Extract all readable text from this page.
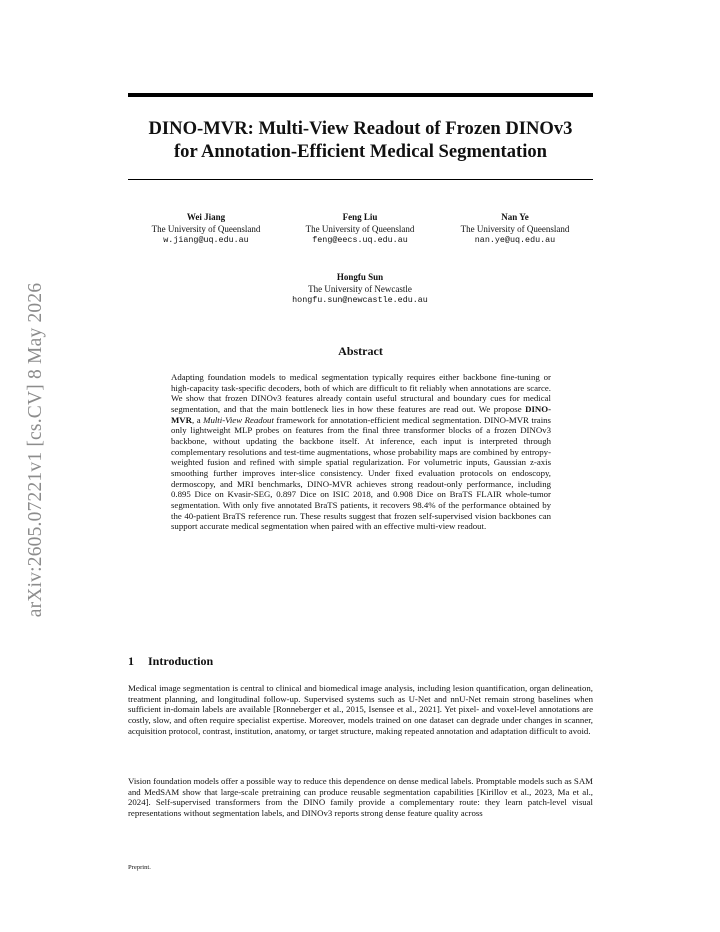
arXiv:2605.07221v1 [cs.CV] 8 May 2026
DINO-MVR: Multi-View Readout of Frozen DINOv3
for Annotation-Efficient Medical Segmentation
Wei Jiang
The University of Queensland
w.jiang@uq.edu.au
Feng Liu
The University of Queensland
feng@eecs.uq.edu.au
Nan Ye
The University of Queensland
nan.ye@uq.edu.au
Hongfu Sun
The University of Newcastle
hongfu.sun@newcastle.edu.au
Abstract

Adapting foundation models to medical segmentation typically requires either backbone fine-tuning or high-capacity task-specific decoders, both of which are difficult to fit reliably when annotations are scarce. We show that frozen DINOv3 features already contain useful structural and boundary cues for medical segmentation, and that the main bottleneck lies in how these features are read out. We propose DINO-MVR, a Multi-View Readout framework for annotation-efficient medical segmentation. DINO-MVR trains only lightweight MLP probes on features from the final three transformer blocks of a frozen DINOv3 backbone, without updating the backbone itself. At inference, each input is interpreted through complementary resolutions and test-time augmentations, whose probability maps are combined by entropy-weighted fusion and refined with simple spatial regularization. For volumetric inputs, Gaussian z-axis smoothing further improves inter-slice consistency. Under fixed evaluation protocols on endoscopy, dermoscopy, and MRI benchmarks, DINO-MVR achieves strong readout-only performance, including 0.895 Dice on Kvasir-SEG, 0.897 Dice on ISIC 2018, and 0.908 Dice on BraTS FLAIR whole-tumor segmentation. With only five annotated BraTS patients, it recovers 98.4% of the performance obtained by the 40-patient BraTS reference run. These results suggest that frozen self-supervised vision backbones can support accurate medical segmentation when paired with an effective multi-view readout.

1 Introduction

Medical image segmentation is central to clinical and biomedical image analysis, including lesion quantification, organ delineation, treatment planning, and longitudinal follow-up. Supervised systems such as U-Net and nnU-Net remain strong baselines when sufficient in-domain labels are available [Ronneberger et al., 2015, Isensee et al., 2021]. Yet pixel- and voxel-level annotations are costly, slow, and often require specialist expertise. Moreover, models trained on one dataset can degrade under changes in scanner, acquisition protocol, contrast, institution, anatomy, or target structure, making repeated annotation and adaptation difficult to avoid.

Vision foundation models offer a possible way to reduce this dependence on dense medical labels. Promptable models such as SAM and MedSAM show that large-scale pretraining can produce reusable segmentation capabilities [Kirillov et al., 2023, Ma et al., 2024]. Self-supervised transformers from the DINO family provide a complementary route: they learn patch-level visual representations without segmentation labels, and DINOv3 reports strong dense feature quality across

Preprint.
